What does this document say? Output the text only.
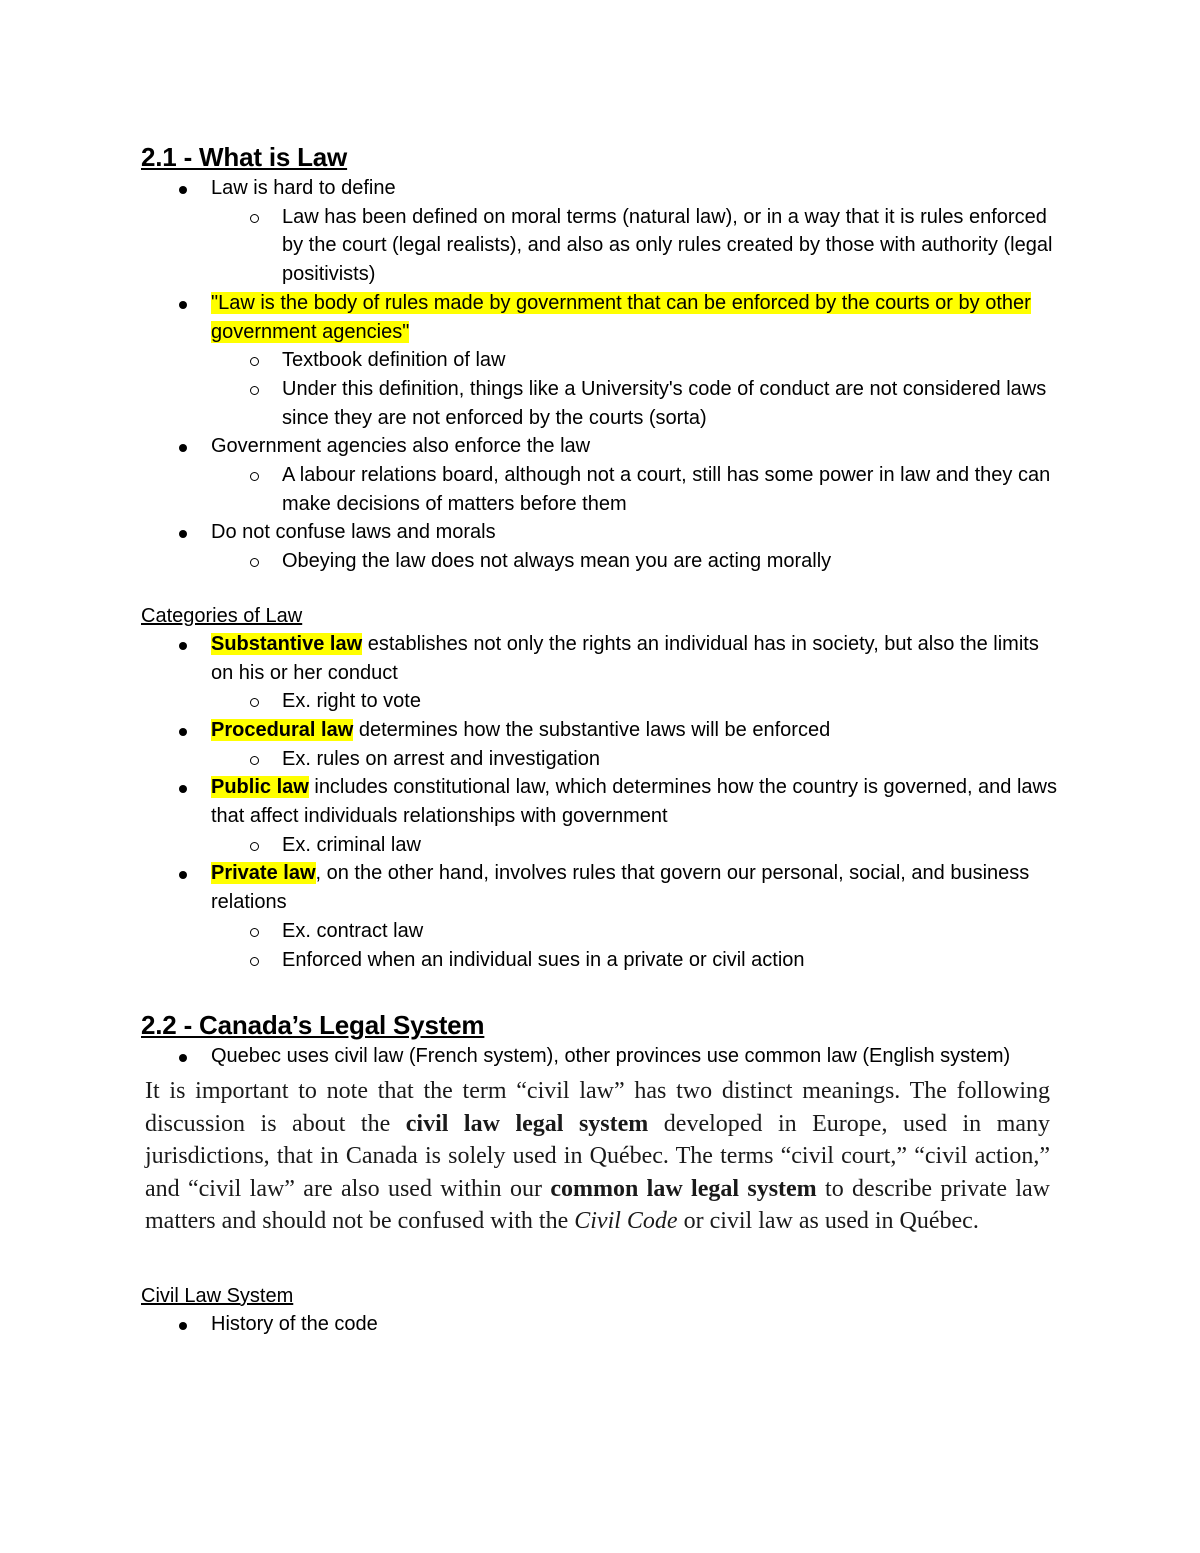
2.1 - What is Law
Law is hard to define
Law has been defined on moral terms (natural law), or in a way that it is rules enforced by the court (legal realists), and also as only rules created by those with authority (legal positivists)
"Law is the body of rules made by government that can be enforced by the courts or by other government agencies"
Textbook definition of law
Under this definition, things like a University's code of conduct are not considered laws since they are not enforced by the courts (sorta)
Government agencies also enforce the law
A labour relations board, although not a court, still has some power in law and they can make decisions of matters before them
Do not confuse laws and morals
Obeying the law does not always mean you are acting morally

Categories of Law

Substantive law establishes not only the rights an individual has in society, but also the limits on his or her conduct
Ex. right to vote
Procedural law determines how the substantive laws will be enforced
Ex. rules on arrest and investigation
Public law includes constitutional law, which determines how the country is governed, and laws that affect individuals relationships with government
Ex. criminal law
Private law, on the other hand, involves rules that govern our personal, social, and business relations
Ex. contract law
Enforced when an individual sues in a private or civil action
2.2 - Canada’s Legal System
Quebec uses civil law (French system), other provinces use common law (English system)

It is important to note that the term “civil law” has two distinct meanings. The following discussion is about the civil law legal system developed in Europe, used in many jurisdictions, that in Canada is solely used in Québec. The terms “civil court,” “civil action,” and “civil law” are also used within our common law legal system to describe private law matters and should not be confused with the Civil Code or civil law as used in Québec.

Civil Law System

History of the code
